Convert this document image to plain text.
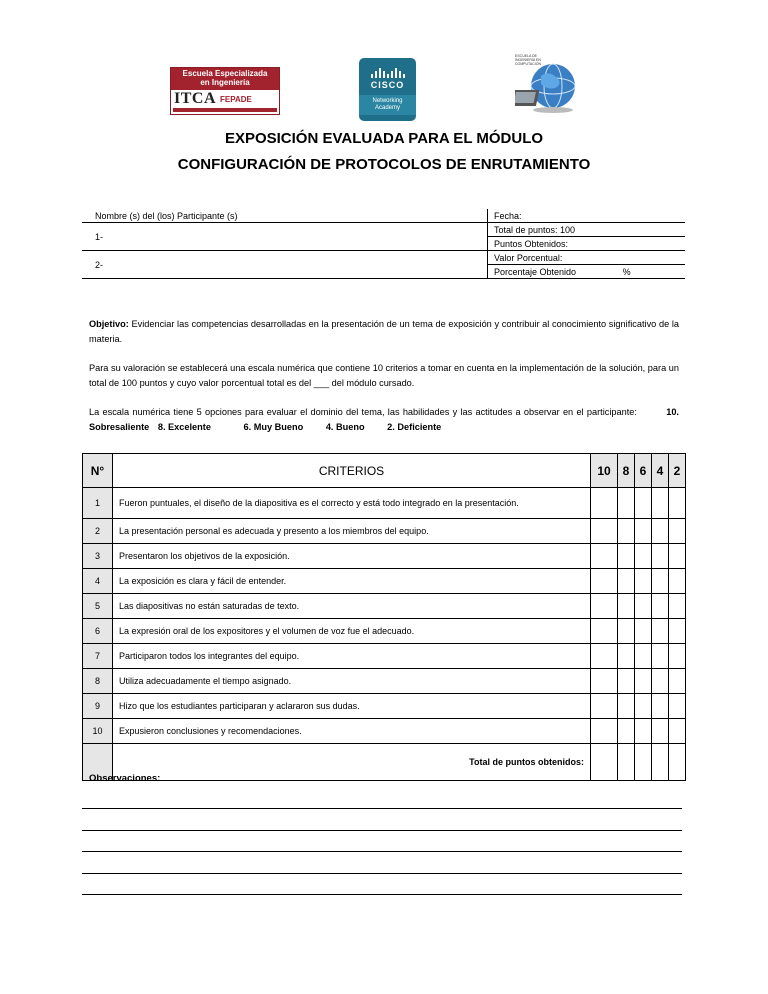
Escuela Especializada
en Ingeniería
ITCA FEPADE
CISCO
Networking
Academy
ESCUELA DE INGENIERÍA EN COMPUTACIÓN
EXPOSICIÓN EVALUADA PARA EL MÓDULO
CONFIGURACIÓN DE PROTOCOLOS DE ENRUTAMIENTO
Nombre (s) del (los) Participante (s)	Fecha:
1-	Total de puntos: 100
	Puntos Obtenidos:
2-	Valor Porcentual:
	Porcentaje Obtenido %
Objetivo: Evidenciar las competencias desarrolladas en la presentación de un tema de exposición y contribuir al conocimiento significativo de la materia.
Para su valoración se establecerá una escala numérica que contiene 10 criterios a tomar en cuenta en la implementación de la solución, para un total de 100 puntos y cuyo valor porcentual total es del ___ del módulo cursado.
La escala numérica tiene 5 opciones para evaluar el dominio del tema, las habilidades y las actitudes a observar en el participante:	10. Sobresaliente 8. Excelente	6. Muy Bueno 4. Bueno 2. Deficiente
N°	CRITERIOS	10	8	6	4	2
1	Fueron puntuales, el diseño de la diapositiva es el correcto y está todo integrado en la presentación.					
2	La presentación personal es adecuada y presento a los miembros del equipo.					
3	Presentaron los objetivos de la exposición.					
4	La exposición es clara y fácil de entender.					
5	Las diapositivas no están saturadas de texto.					
6	La expresión oral de los expositores y el volumen de voz fue el adecuado.					
7	Participaron todos los integrantes del equipo.					
8	Utiliza adecuadamente el tiempo asignado.					
9	Hizo que los estudiantes participaran y aclararon sus dudas.					
10	Expusieron conclusiones y recomendaciones.					
	Total de puntos obtenidos:					
Observaciones:
